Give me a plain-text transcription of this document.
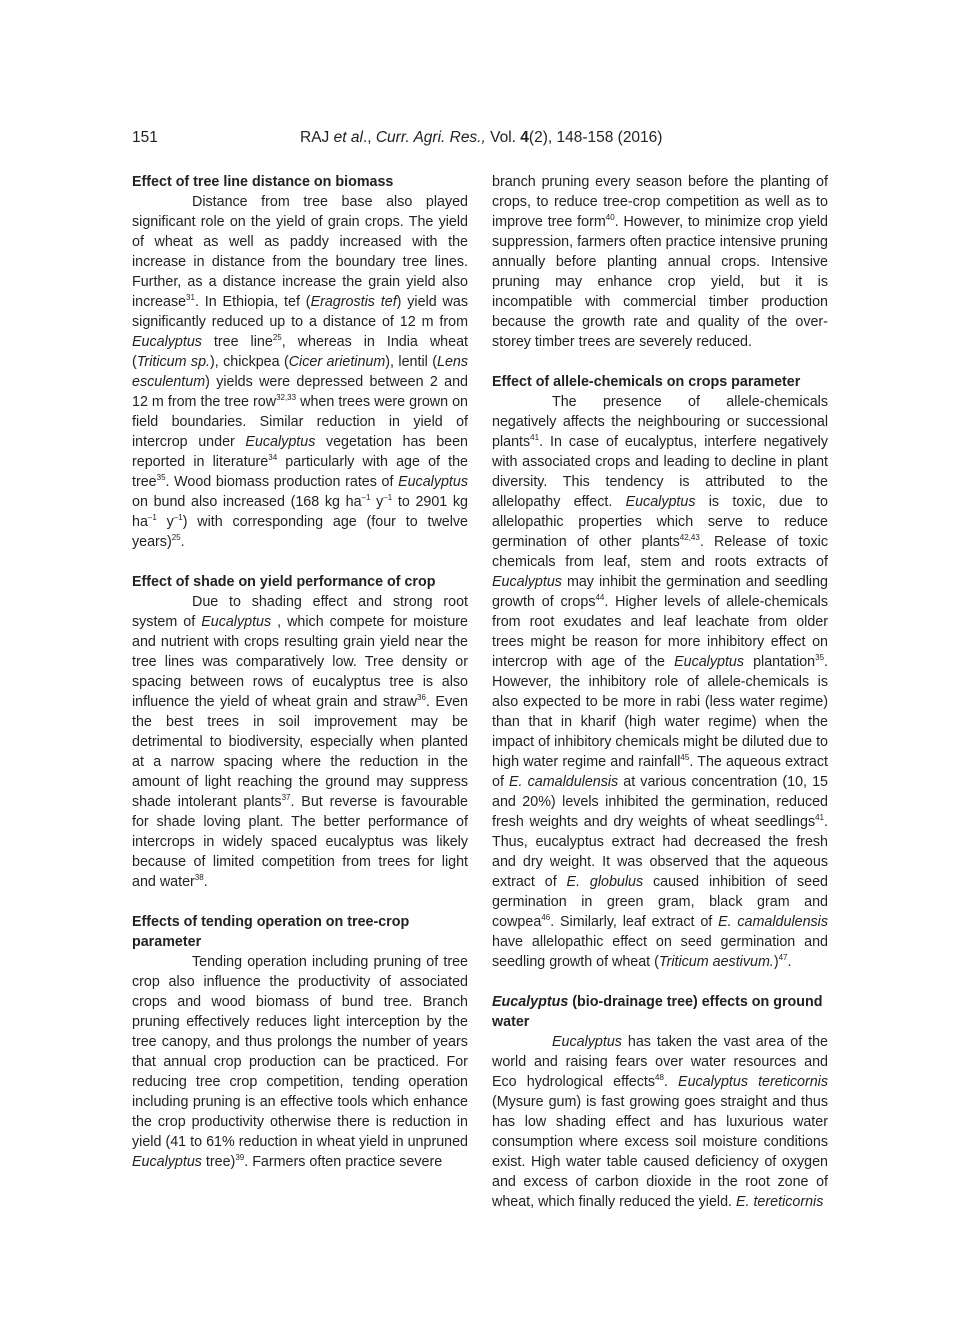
151	RAJ et al., Curr. Agri. Res., Vol. 4(2), 148-158 (2016)
Effect of tree line distance on biomass

Distance from tree base also played significant role on the yield of grain crops. The yield of wheat as well as paddy increased with the increase in distance from the boundary tree lines. Further, as a distance increase the grain yield also increase$^{31}$. In Ethiopia, tef (Eragrostis tef) yield was significantly reduced up to a distance of 12 m from Eucalyptus tree line$^{25}$, whereas in India wheat (Triticum sp.), chickpea (Cicer arietinum), lentil (Lens esculentum) yields were depressed between 2 and 12 m from the tree row$^{32,33}$ when trees were grown on field boundaries. Similar reduction in yield of intercrop under Eucalyptus vegetation has been reported in literature$^{34}$ particularly with age of the tree$^{35}$. Wood biomass production rates of Eucalyptus on bund also increased (168 kg $ha^{-1}$ $y^{-1}$ to 2901 kg $ha^{-1}$ $y^{-1}$) with corresponding age (four to twelve years)$^{25}$.

Effect of shade on yield performance of crop

Due to shading effect and strong root system of Eucalyptus , which compete for moisture and nutrient with crops resulting grain yield near the tree lines was comparatively low. Tree density or spacing between rows of eucalyptus tree is also influence the yield of wheat grain and straw$^{36}$. Even the best trees in soil improvement may be detrimental to biodiversity, especially when planted at a narrow spacing where the reduction in the amount of light reaching the ground may suppress shade intolerant plants$^{37}$. But reverse is favourable for shade loving plant. The better performance of intercrops in widely spaced eucalyptus was likely because of limited competition from trees for light and water$^{38}$.

Effects of tending operation on tree-crop parameter

Tending operation including pruning of tree crop also influence the productivity of associated crops and wood biomass of bund tree. Branch pruning effectively reduces light interception by the tree canopy, and thus prolongs the number of years that annual crop production can be practiced. For reducing tree crop competition, tending operation including pruning is an effective tools which enhance the crop productivity otherwise there is reduction in yield (41 to 61% reduction in wheat yield in unpruned Eucalyptus tree)$^{39}$. Farmers often practice severe

branch pruning every season before the planting of crops, to reduce tree-crop competition as well as to improve tree form$^{40}$. However, to minimize crop yield suppression, farmers often practice intensive pruning annually before planting annual crops. Intensive pruning may enhance crop yield, but it is incompatible with commercial timber production because the growth rate and quality of the over-storey timber trees are severely reduced.

Effect of allele-chemicals on crops parameter

The presence of allele-chemicals negatively affects the neighbouring or successional plants$^{41}$. In case of eucalyptus, interfere negatively with associated crops and leading to decline in plant diversity. This tendency is attributed to the allelopathy effect. Eucalyptus is toxic, due to allelopathic properties which serve to reduce germination of other plants$^{42,43}$. Release of toxic chemicals from leaf, stem and roots extracts of Eucalyptus may inhibit the germination and seedling growth of crops$^{44}$. Higher levels of allele-chemicals from root exudates and leaf leachate from older trees might be reason for more inhibitory effect on intercrop with age of the Eucalyptus plantation$^{35}$. However, the inhibitory role of allele-chemicals is also expected to be more in rabi (less water regime) than that in kharif (high water regime) when the impact of inhibitory chemicals might be diluted due to high water regime and rainfall$^{45}$. The aqueous extract of E. camaldulensis at various concentration (10, 15 and 20%) levels inhibited the germination, reduced fresh weights and dry weights of wheat seedlings$^{41}$. Thus, eucalyptus extract had decreased the fresh and dry weight. It was observed that the aqueous extract of E. globulus caused inhibition of seed germination in green gram, black gram and cowpea$^{46}$. Similarly, leaf extract of E. camaldulensis have allelopathic effect on seed germination and seedling growth of wheat (Triticum aestivum.)$^{47}$.

Eucalyptus (bio-drainage tree) effects on ground water

Eucalyptus has taken the vast area of the world and raising fears over water resources and Eco hydrological effects$^{48}$. Eucalyptus tereticornis (Mysure gum) is fast growing goes straight and thus has low shading effect and has luxurious water consumption where excess soil moisture conditions exist. High water table caused deficiency of oxygen and excess of carbon dioxide in the root zone of wheat, which finally reduced the yield. E. tereticornis
